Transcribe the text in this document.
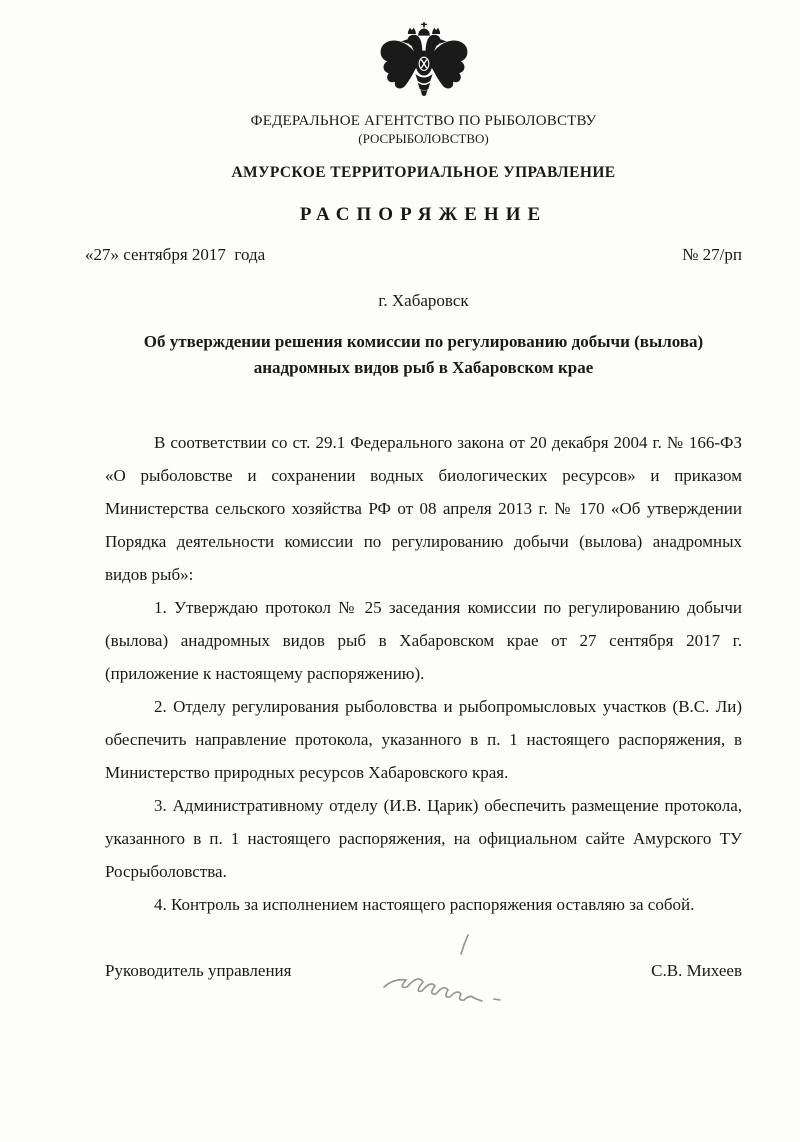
ФЕДЕРАЛЬНОЕ АГЕНТСТВО ПО РЫБОЛОВСТВУ
(РОСРЫБОЛОВСТВО)
АМУРСКОЕ ТЕРРИТОРИАЛЬНОЕ УПРАВЛЕНИЕ
РАСПОРЯЖЕНИЕ
«27» сентября 2017  года	№ 27/рп
г. Хабаровск
Об утверждении решения комиссии по регулированию добычи (вылова) анадромных видов рыб в Хабаровском крае

В соответствии со ст. 29.1 Федерального закона от 20 декабря 2004 г. № 166-ФЗ «О рыболовстве и сохранении водных биологических ресурсов» и приказом Министерства сельского хозяйства РФ от 08 апреля 2013 г. № 170 «Об утверждении Порядка деятельности комиссии по регулированию добычи (вылова) анадромных видов рыб»:

1. Утверждаю протокол № 25 заседания комиссии по регулированию добычи (вылова) анадромных видов рыб в Хабаровском крае от 27 сентября 2017 г. (приложение к настоящему распоряжению).

2. Отделу регулирования рыболовства и рыбопромысловых участков (В.С. Ли) обеспечить направление протокола, указанного в п. 1 настоящего распоряжения, в Министерство природных ресурсов Хабаровского края.

3. Административному отделу (И.В. Царик) обеспечить размещение протокола, указанного в п. 1 настоящего распоряжения, на официальном сайте Амурского ТУ Росрыболовства.

4. Контроль за исполнением настоящего распоряжения оставляю за собой.

Руководитель управления	С.В. Михеев
